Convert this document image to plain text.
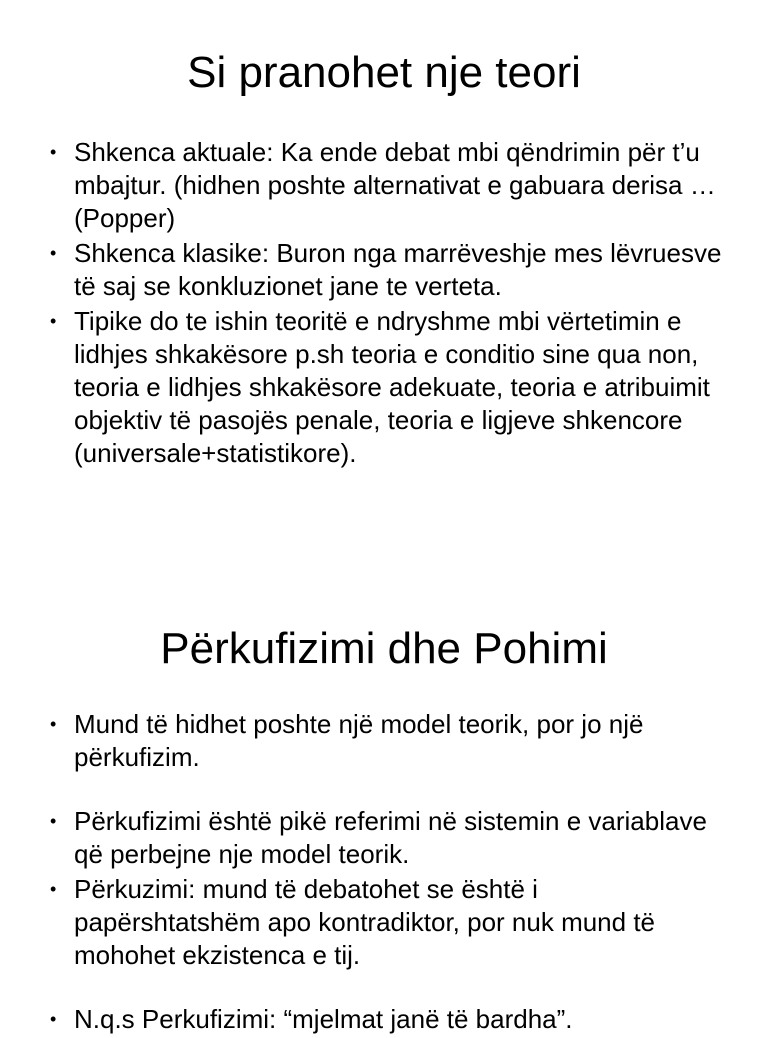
Si pranohet nje teori
• Shkenca aktuale: Ka ende debat mbi qëndrimin për t’u mbajtur. (hidhen poshte alternativat e gabuara derisa …(Popper)
• Shkenca klasike: Buron nga marrëveshje mes lëvruesve të saj se konkluzionet jane te verteta.
• Tipike do te ishin teoritë e ndryshme mbi vërtetimin e lidhjes shkakësore p.sh teoria e conditio sine qua non, teoria e lidhjes shkakësore adekuate, teoria e atribuimit objektiv të pasojës penale, teoria e ligjeve shkencore (universale+statistikore).
Përkufizimi dhe Pohimi
• Mund të hidhet poshte një model teorik, por jo një përkufizim.
• Përkufizimi është pikë referimi në sistemin e variablave që perbejne nje model teorik.
• Përkuzimi: mund të debatohet se është i papërshtatshëm apo kontradiktor, por nuk mund të mohohet ekzistenca e tij.
• N.q.s Perkufizimi: “mjelmat janë të bardha”.
